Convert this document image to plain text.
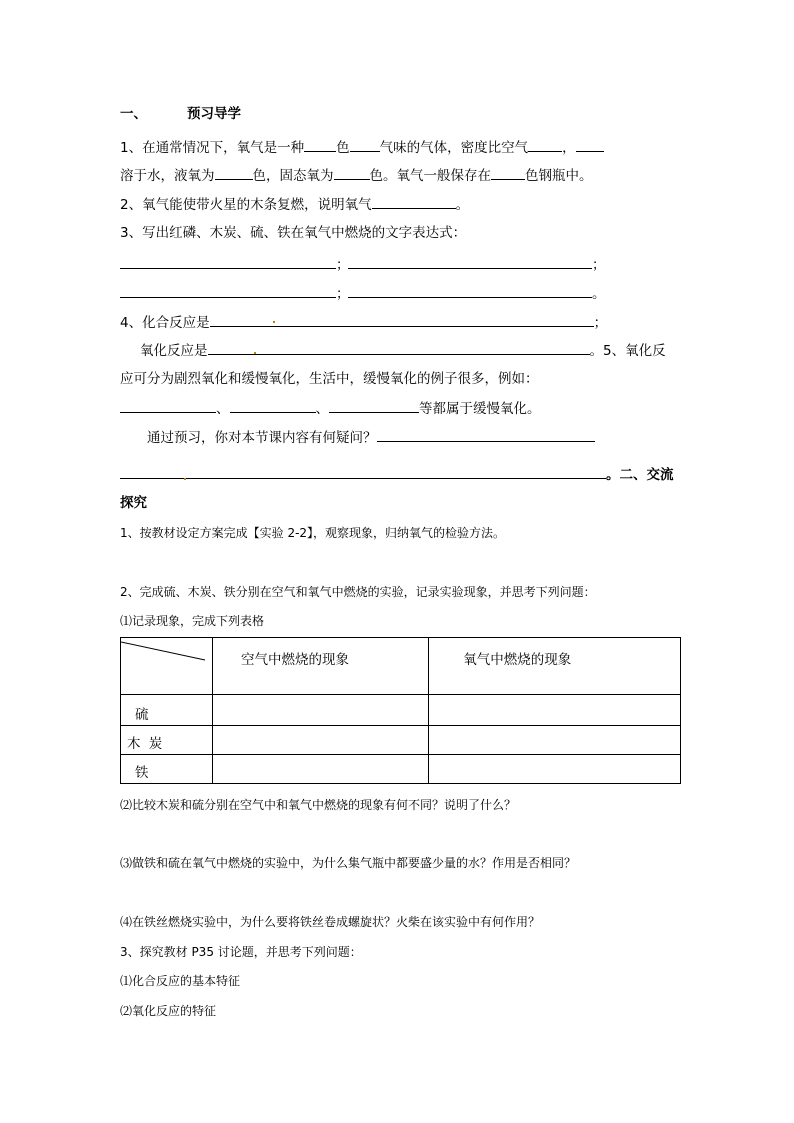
一、	预习导学
1、在通常情况下，氧气是一种 色 气味的气体，密度比空气	，
溶于水，液氧为	色，固态氧为	色。氧气一般保存在	色钢瓶中。
2、氧气能使带火星的木条复燃，说明氧气	。
3、写出红磷、木炭、硫、铁在氧气中燃烧的文字表达式：
；	；
；	。
4、化合反应是	；
氧化反应是	。5、氧化反
应可分为剧烈氧化和缓慢氧化，生活中，缓慢氧化的例子很多，例如：
、	、	等都属于缓慢氧化。
通过预习，你对本节课内容有何疑问？
。二、交流
探究
1、按教材设定方案完成【实验 2-2】，观察现象，归纳氧气的检验方法。
2、完成硫、木炭、铁分别在空气和氧气中燃烧的实验，记录实验现象，并思考下列问题：
⑴记录现象，完成下列表格
	空气中燃烧的现象	氧气中燃烧的现象
硫		
木 炭		
铁		
⑵比较木炭和硫分别在空气中和氧气中燃烧的现象有何不同？说明了什么？
⑶做铁和硫在氧气中燃烧的实验中，为什么集气瓶中都要盛少量的水？作用是否相同？
⑷在铁丝燃烧实验中，为什么要将铁丝卷成螺旋状？火柴在该实验中有何作用？
3、探究教材 P35 讨论题，并思考下列问题：
⑴化合反应的基本特征
⑵氧化反应的特征
